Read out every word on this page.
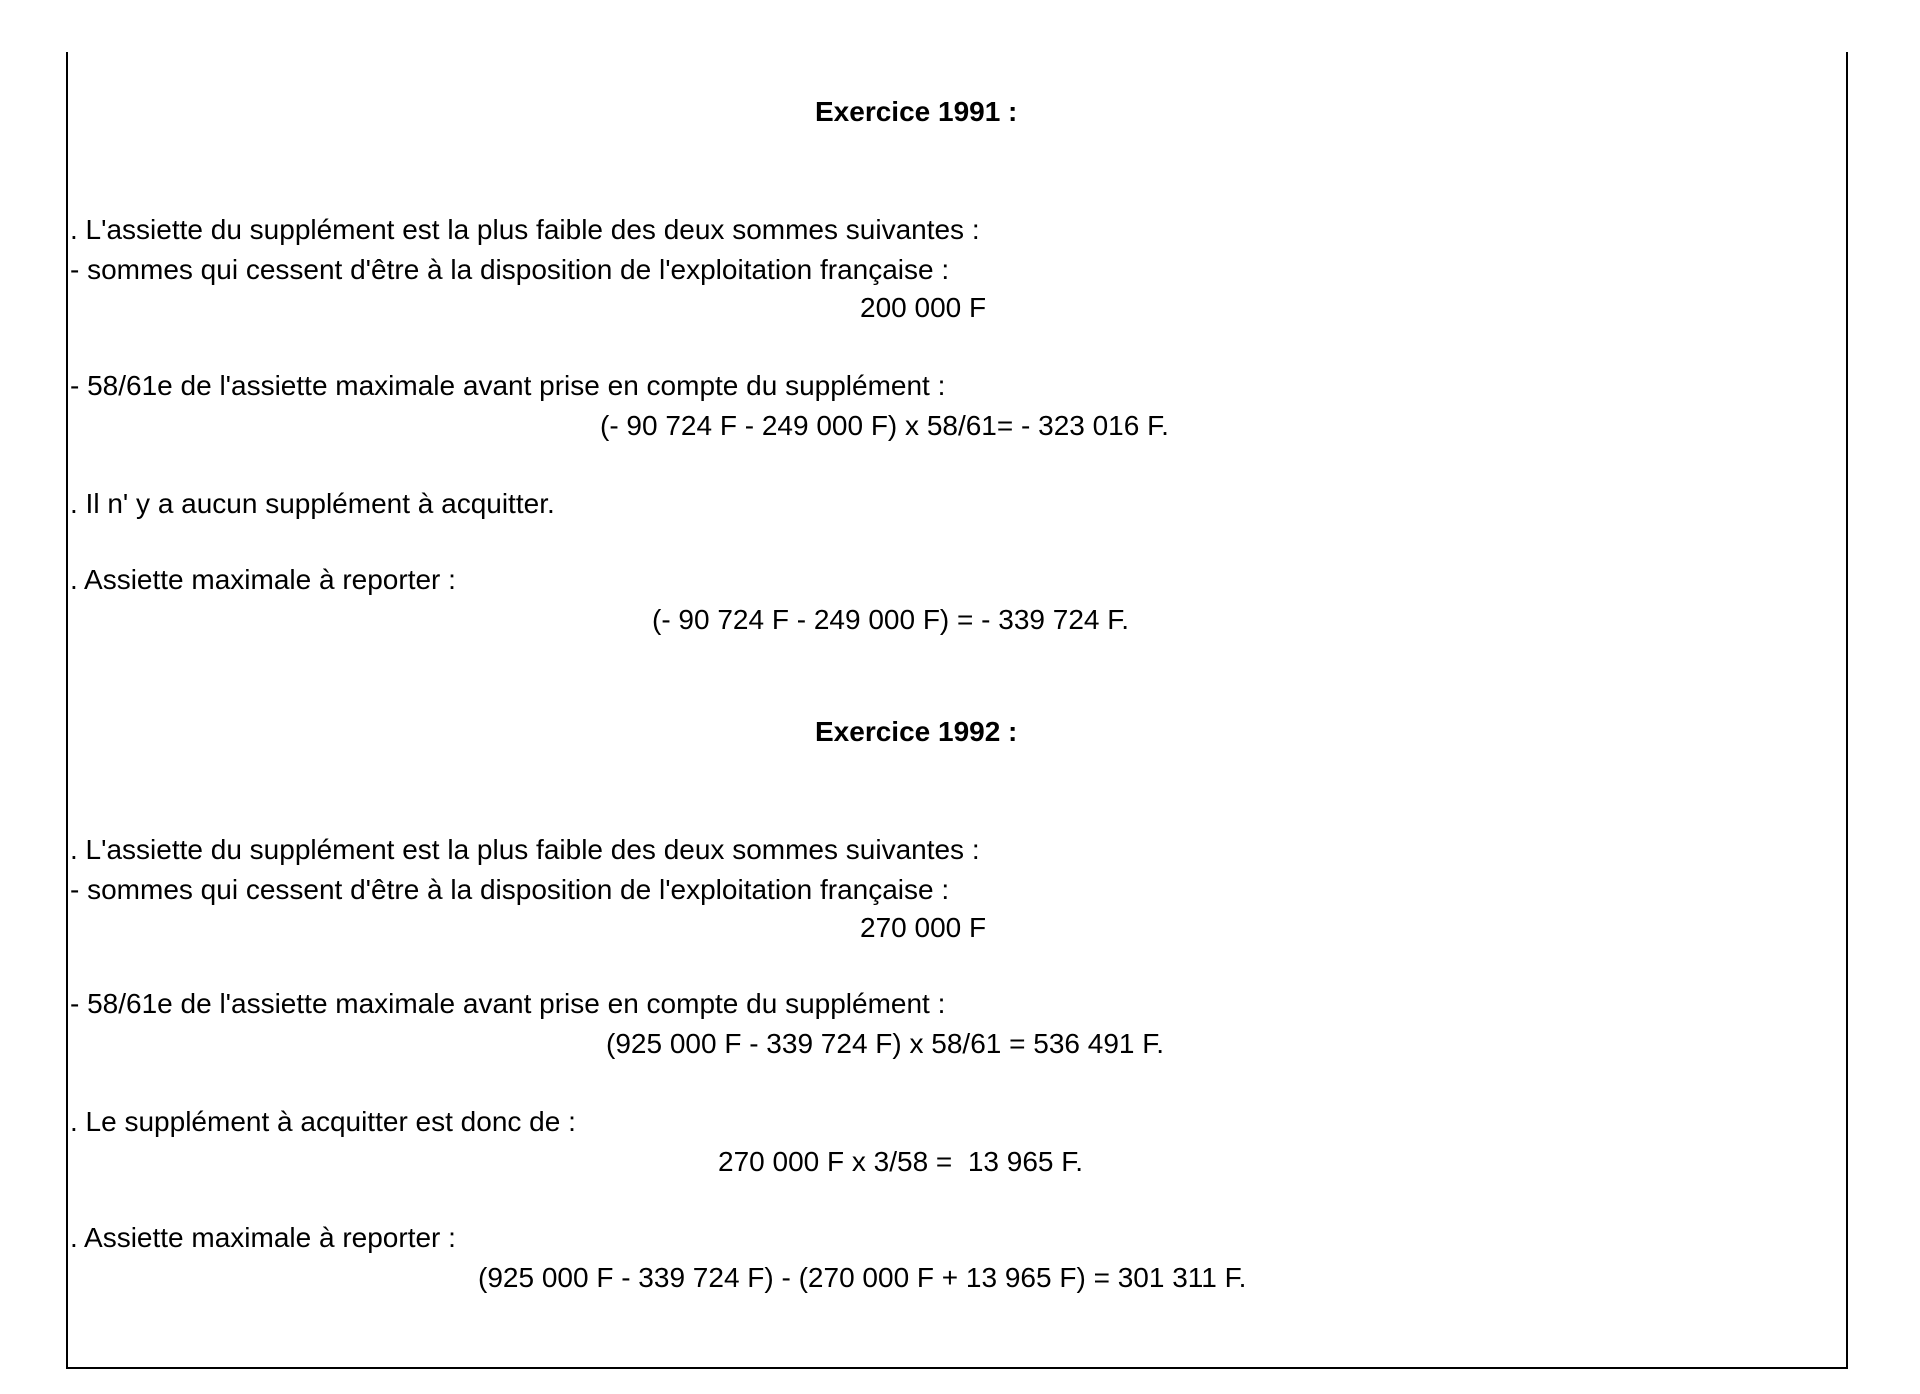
Exercice 1991 :
. L'assiette du supplément est la plus faible des deux sommes suivantes :
- sommes qui cessent d'être à la disposition de l'exploitation française :
200 000 F
- 58/61e de l'assiette maximale avant prise en compte du supplément :
(- 90 724 F - 249 000 F) x 58/61= - 323 016 F.
. Il n' y a aucun supplément à acquitter.
. Assiette maximale à reporter :
(- 90 724 F - 249 000 F) = - 339 724 F.
Exercice 1992 :
. L'assiette du supplément est la plus faible des deux sommes suivantes :
- sommes qui cessent d'être à la disposition de l'exploitation française :
270 000 F
- 58/61e de l'assiette maximale avant prise en compte du supplément :
(925 000 F - 339 724 F) x 58/61 = 536 491 F.
. Le supplément à acquitter est donc de :
270 000 F x 3/58 =  13 965 F.
. Assiette maximale à reporter :
(925 000 F - 339 724 F) - (270 000 F + 13 965 F) = 301 311 F.
